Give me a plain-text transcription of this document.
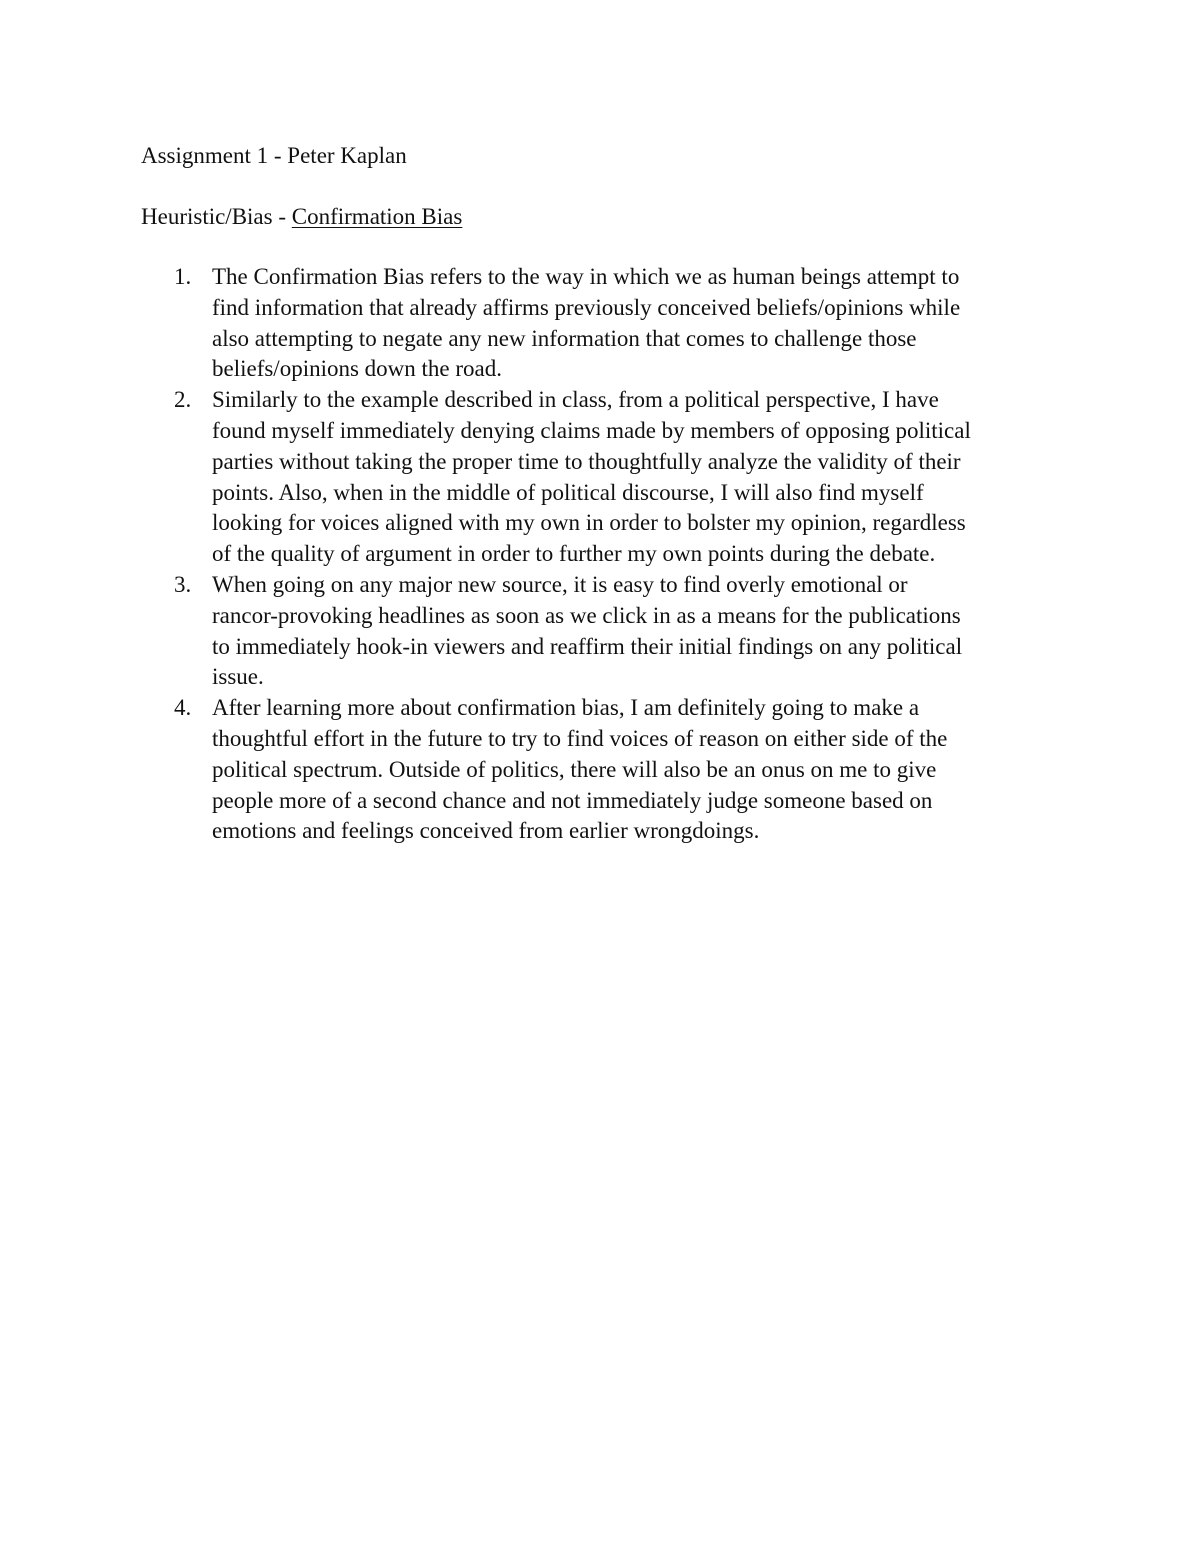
Assignment 1 - Peter Kaplan
Heuristic/Bias - Confirmation Bias
1. The Confirmation Bias refers to the way in which we as human beings attempt to
find information that already affirms previously conceived beliefs/opinions while
also attempting to negate any new information that comes to challenge those
beliefs/opinions down the road.
2. Similarly to the example described in class, from a political perspective, I have
found myself immediately denying claims made by members of opposing political
parties without taking the proper time to thoughtfully analyze the validity of their
points. Also, when in the middle of political discourse, I will also find myself
looking for voices aligned with my own in order to bolster my opinion, regardless
of the quality of argument in order to further my own points during the debate.
3. When going on any major new source, it is easy to find overly emotional or
rancor-provoking headlines as soon as we click in as a means for the publications
to immediately hook-in viewers and reaffirm their initial findings on any political
issue.
4. After learning more about confirmation bias, I am definitely going to make a
thoughtful effort in the future to try to find voices of reason on either side of the
political spectrum. Outside of politics, there will also be an onus on me to give
people more of a second chance and not immediately judge someone based on
emotions and feelings conceived from earlier wrongdoings.
